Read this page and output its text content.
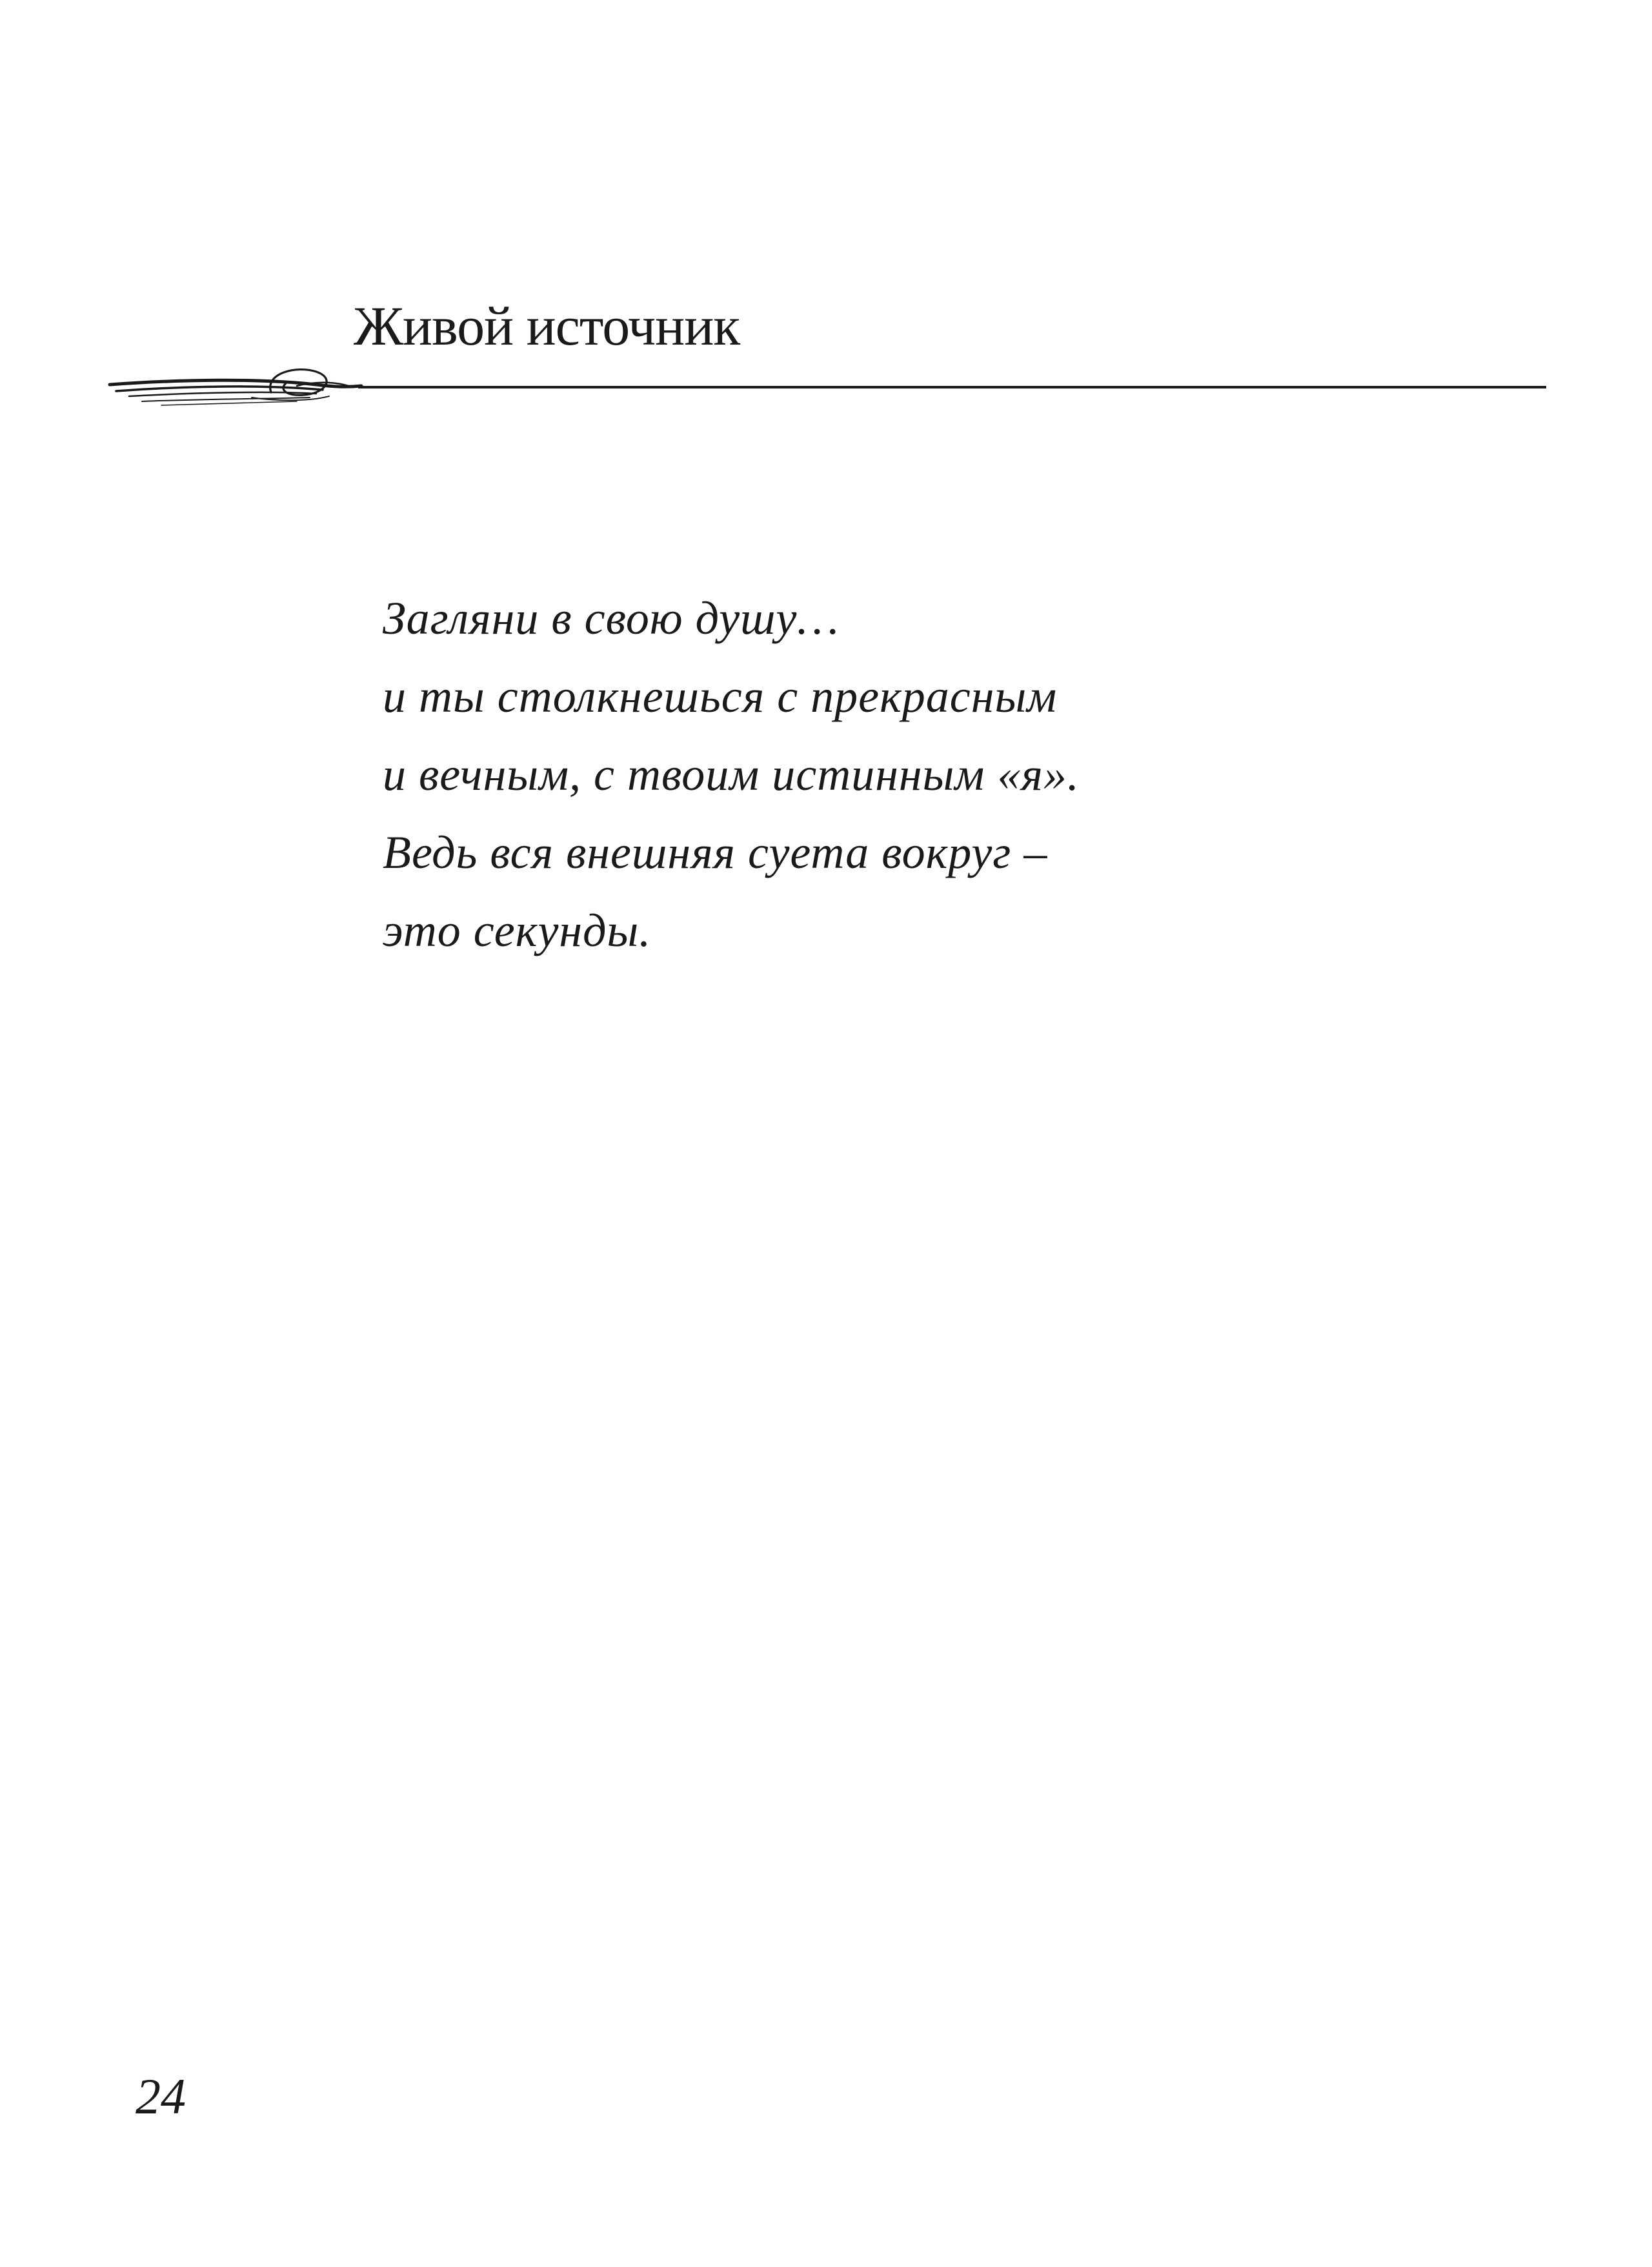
Живой источник
Загляни в свою душу…
и ты столкнешься с прекрасным
и вечным, с твоим истинным «я».
Ведь вся внешняя суета вокруг –
это секунды.
24
